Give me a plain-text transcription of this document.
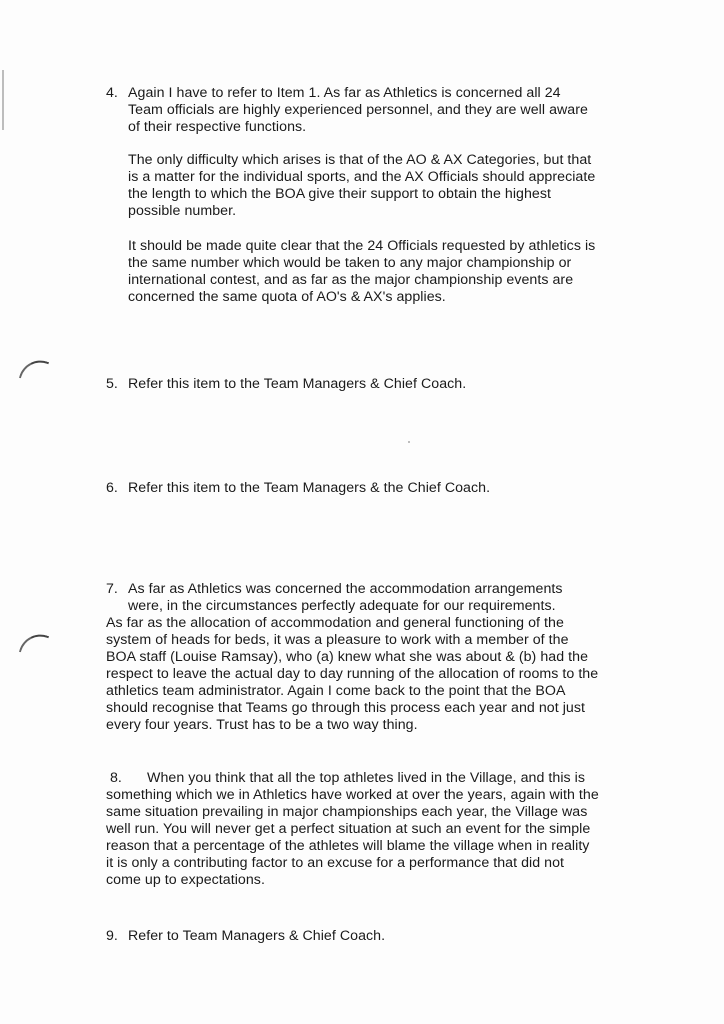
4. Again I have to refer to Item 1. As far as Athletics is concerned all 24
Team officials are highly experienced personnel, and they are well aware
of their respective functions.
The only difficulty which arises is that of the AO & AX Categories, but that
is a matter for the individual sports, and the AX Officials should appreciate
the length to which the BOA give their support to obtain the highest
possible number.
It should be made quite clear that the 24 Officials requested by athletics is
the same number which would be taken to any major championship or
international contest, and as far as the major championship events are
concerned the same quota of AO's & AX's applies.
5. Refer this item to the Team Managers & Chief Coach.
6. Refer this item to the Team Managers & the Chief Coach.
7. As far as Athletics was concerned the accommodation arrangements
were, in the circumstances perfectly adequate for our requirements.
As far as the allocation of accommodation and general functioning of the
system of heads for beds, it was a pleasure to work with a member of the
BOA staff (Louise Ramsay), who (a) knew what she was about & (b) had the
respect to leave the actual day to day running of the allocation of rooms to the
athletics team administrator. Again I come back to the point that the BOA
should recognise that Teams go through this process each year and not just
every four years. Trust has to be a two way thing.
8. When you think that all the top athletes lived in the Village, and this is
something which we in Athletics have worked at over the years, again with the
same situation prevailing in major championships each year, the Village was
well run. You will never get a perfect situation at such an event for the simple
reason that a percentage of the athletes will blame the village when in reality
it is only a contributing factor to an excuse for a performance that did not
come up to expectations.
9. Refer to Team Managers & Chief Coach.
